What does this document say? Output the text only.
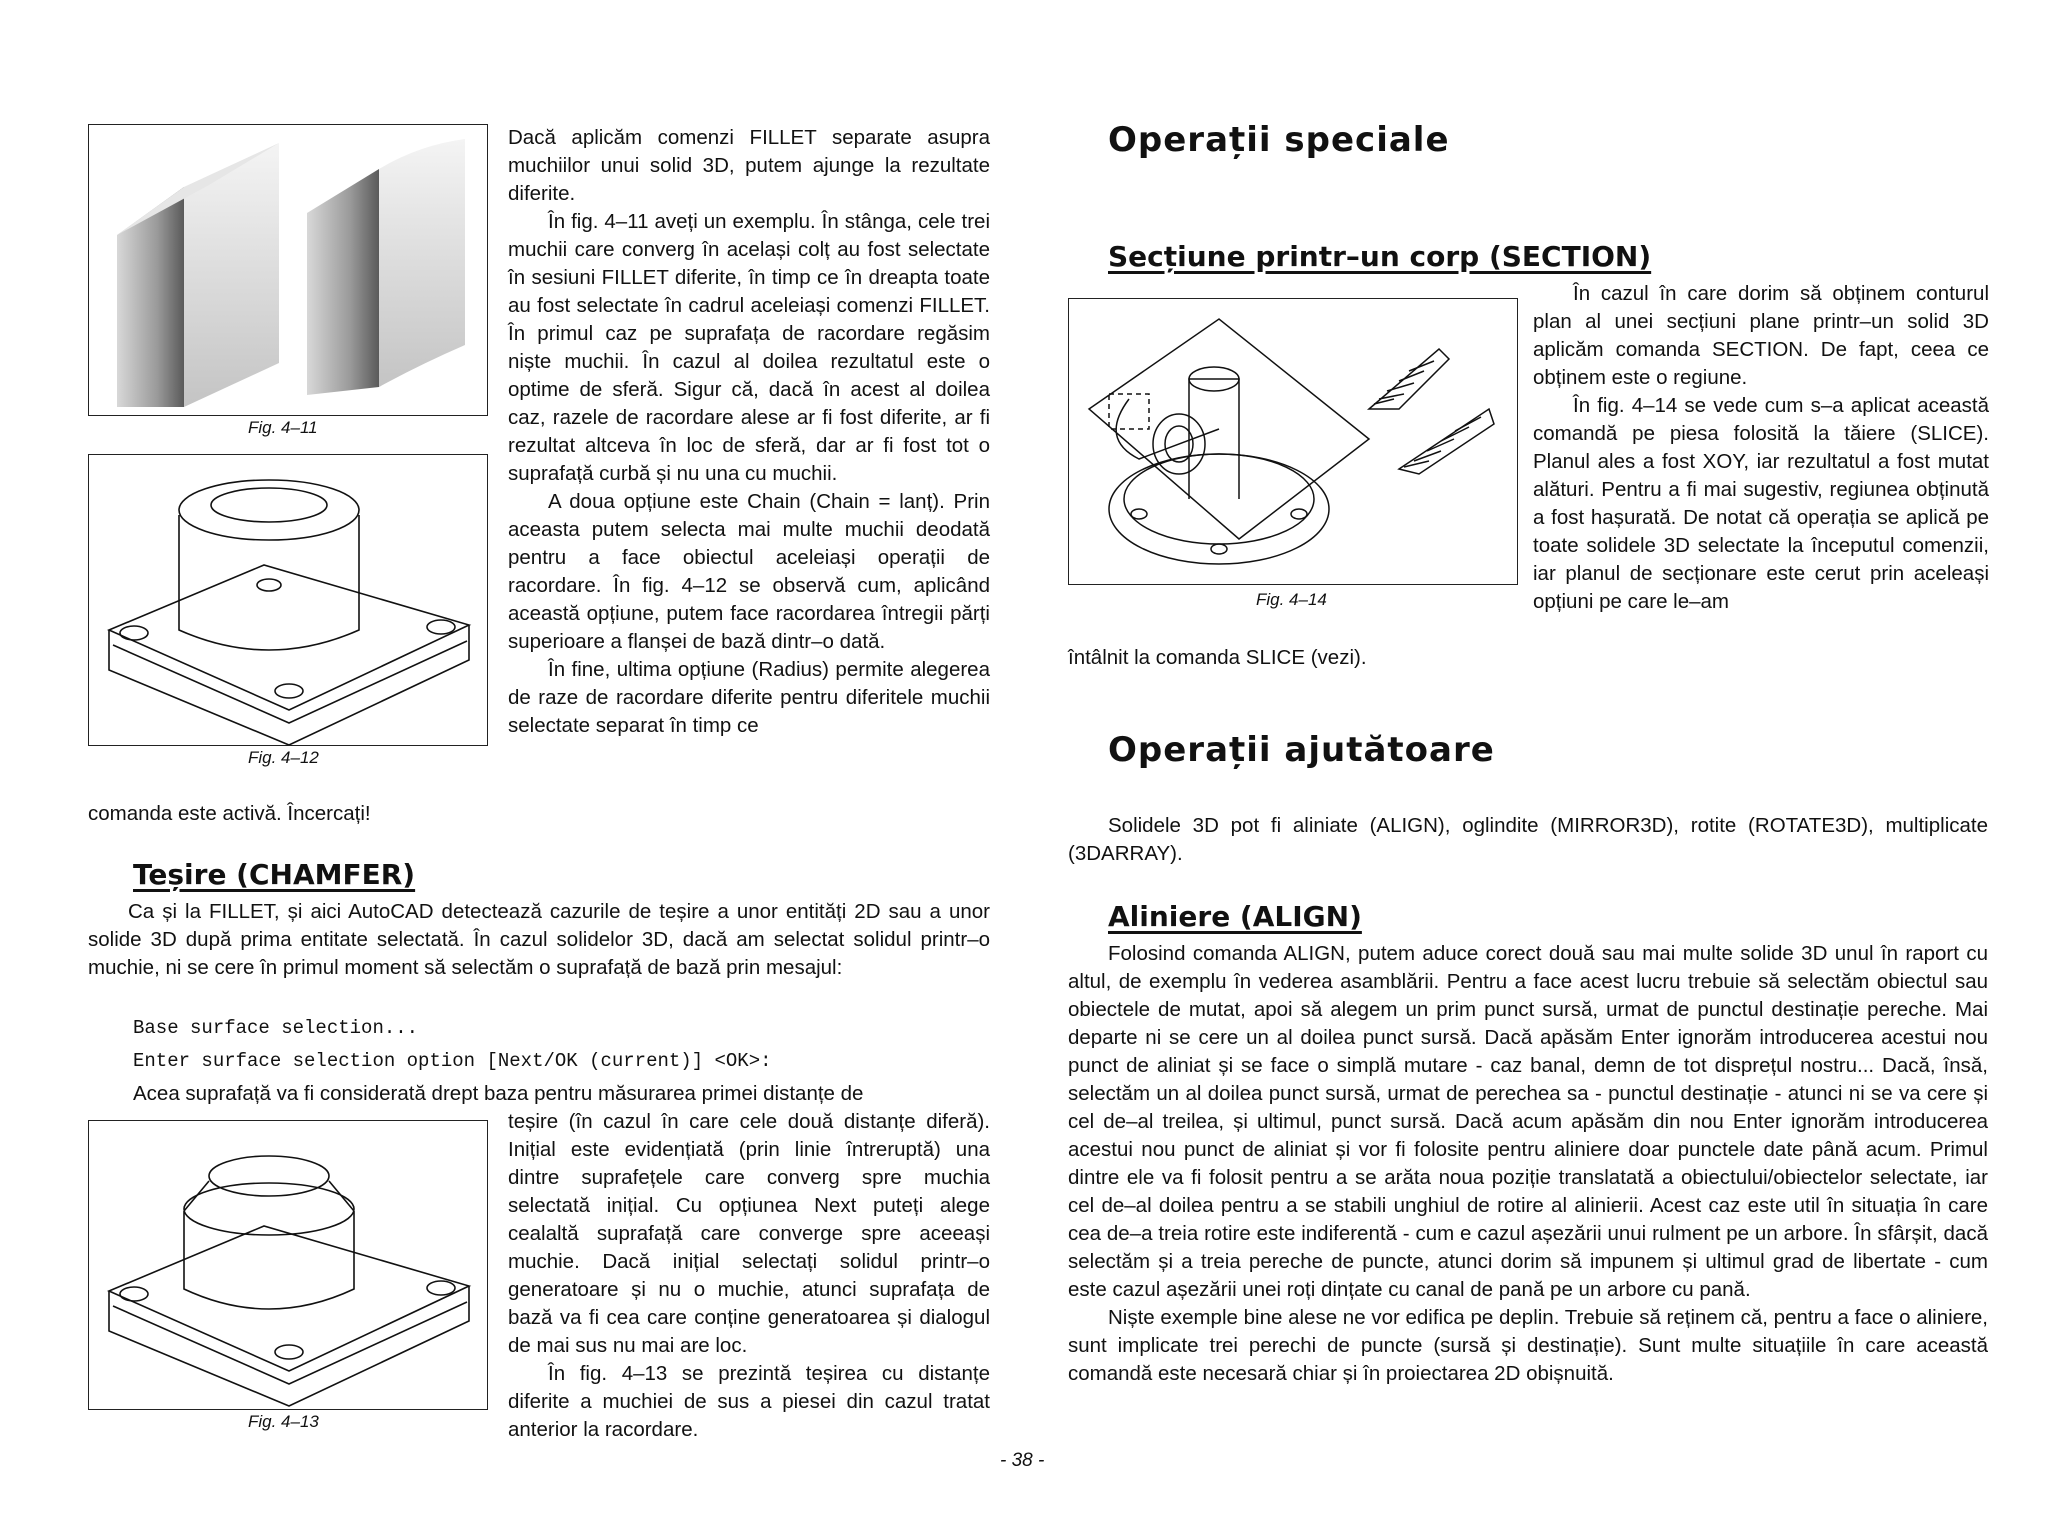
Fig. 4–11
Fig. 4–12

Dacă aplicăm comenzi FILLET separate asupra muchiilor unui solid 3D, putem ajunge la rezultate diferite.

În fig. 4–11 aveți un exemplu. În stânga, cele trei muchii care converg în același colț au fost selectate în sesiuni FILLET diferite, în timp ce în dreapta toate au fost selectate în cadrul aceleiași comenzi FILLET. În primul caz pe suprafața de racordare regăsim niște muchii. În cazul al doilea rezultatul este o optime de sferă. Sigur că, dacă în acest al doilea caz, razele de racordare alese ar fi fost diferite, ar fi rezultat altceva în loc de sferă, dar ar fi fost tot o suprafață curbă și nu una cu muchii.

A doua opțiune este Chain (Chain = lanț). Prin aceasta putem selecta mai multe muchii deodată pentru a face obiectul aceleiași operații de racordare. În fig. 4–12 se observă cum, aplicând această opțiune, putem face racordarea întregii părți superioare a flanșei de bază dintr–o dată.

În fine, ultima opțiune (Radius) permite alegerea de raze de racordare diferite pentru diferitele muchii selectate separat în timp ce

comanda este activă. Încercați!
Teșire (CHAMFER)
Ca și la FILLET, și aici AutoCAD detectează cazurile de teșire a unor entități 2D sau a unor solide 3D după prima entitate selectată. În cazul solidelor 3D, dacă am selectat solidul printr–o muchie, ni se cere în primul moment să selectăm o suprafață de bază prin mesajul:
Base surface selection...
Enter surface selection option [Next/OK (current)] <OK>:
Acea suprafață va fi considerată drept baza pentru măsurarea primei distanțe de
Fig. 4–13

teșire (în cazul în care cele două distanțe diferă). Inițial este evidențiată (prin linie întreruptă) una dintre suprafețele care converg spre muchia selectată inițial. Cu opțiunea Next puteți alege cealaltă suprafață care converge spre aceeași muchie. Dacă inițial selectați solidul printr–o generatoare și nu o muchie, atunci suprafața de bază va fi cea care conține generatoarea și dialogul de mai sus nu mai are loc.

În fig. 4–13 se prezintă teșirea cu distanțe diferite a muchiei de sus a piesei din cazul tratat anterior la racordare.

- 38 -
Operații speciale
Secțiune printr–un corp (SECTION)
Fig. 4–14

În cazul în care dorim să obținem conturul plan al unei secțiuni plane printr–un solid 3D aplicăm comanda SECTION. De fapt, ceea ce obținem este o regiune.

În fig. 4–14 se vede cum s–a aplicat această comandă pe piesa folosită la tăiere (SLICE). Planul ales a fost XOY, iar rezultatul a fost mutat alături. Pentru a fi mai sugestiv, regiunea obținută a fost hașurată. De notat că operația se aplică pe toate solidele 3D selectate la începutul comenzii, iar planul de secționare este cerut prin aceleași opțiuni pe care le–am

întâlnit la comanda SLICE (vezi).
Operații ajutătoare
Solidele 3D pot fi aliniate (ALIGN), oglindite (MIRROR3D), rotite (ROTATE3D), multiplicate (3DARRAY).
Aliniere (ALIGN)

Folosind comanda ALIGN, putem aduce corect două sau mai multe solide 3D unul în raport cu altul, de exemplu în vederea asamblării. Pentru a face acest lucru trebuie să selectăm obiectul sau obiectele de mutat, apoi să alegem un prim punct sursă, urmat de punctul destinație pereche. Mai departe ni se cere un al doilea punct sursă. Dacă apăsăm Enter ignorăm introducerea acestui nou punct de aliniat și se face o simplă mutare - caz banal, demn de tot disprețul nostru... Dacă, însă, selectăm un al doilea punct sursă, urmat de perechea sa - punctul destinație - atunci ni se va cere și cel de–al treilea, și ultimul, punct sursă. Dacă acum apăsăm din nou Enter ignorăm introducerea acestui nou punct de aliniat și vor fi folosite pentru aliniere doar punctele date până acum. Primul dintre ele va fi folosit pentru a se arăta noua poziție translatată a obiectului/obiectelor selectate, iar cel de–al doilea pentru a se stabili unghiul de rotire al alinierii. Acest caz este util în situația în care cea de–a treia rotire este indiferentă - cum e cazul așezării unui rulment pe un arbore. În sfârșit, dacă selectăm și a treia pereche de puncte, atunci dorim să impunem și ultimul grad de libertate - cum este cazul așezării unei roți dințate cu canal de pană pe un arbore cu pană.

Niște exemple bine alese ne vor edifica pe deplin. Trebuie să reținem că, pentru a face o aliniere, sunt implicate trei perechi de puncte (sursă și destinație). Sunt multe situațiile în care această comandă este necesară chiar și în proiectarea 2D obișnuită.
